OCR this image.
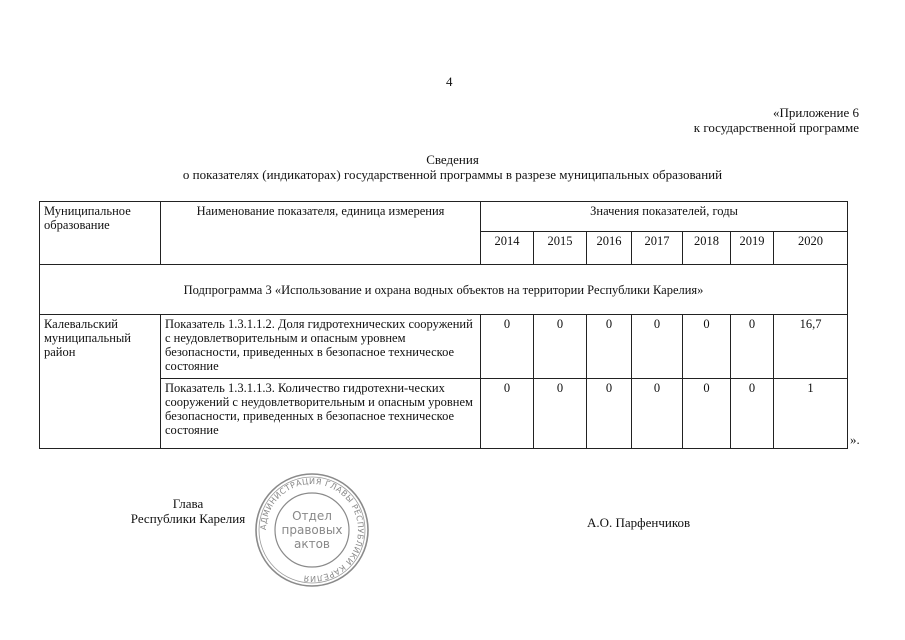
4
«Приложение 6
к государственной программе
Сведения
о показателях (индикаторах) государственной программы в разрезе муниципальных образований
Муниципальное образование	Наименование показателя, единица измерения	Значения показателей, годы						
		2014	2015	2016	2017	2018	2019	2020
Подпрограмма 3 «Использование и охрана водных объектов на территории Республики Карелия»								
Калевальский муниципальный район	Показатель 1.3.1.1.2. Доля гидротехнических сооружений с неудовлетворительным и опасным уровнем безопасности, приведенных в безопасное техническое состояние	0	0	0	0	0	0	16,7
	Показатель 1.3.1.1.3. Количество гидротехни-ческих сооружений с неудовлетворительным и опасным уровнем безопасности, приведенных в безопасное техническое состояние	0	0	0	0	0	0	1
».
Глава
Республики Карелия
АДМИНИСТРАЦИЯ ГЛАВЫ РЕСПУБЛИКИ КАРЕЛИЯ
Отдел
правовых
актов
А.О. Парфенчиков
